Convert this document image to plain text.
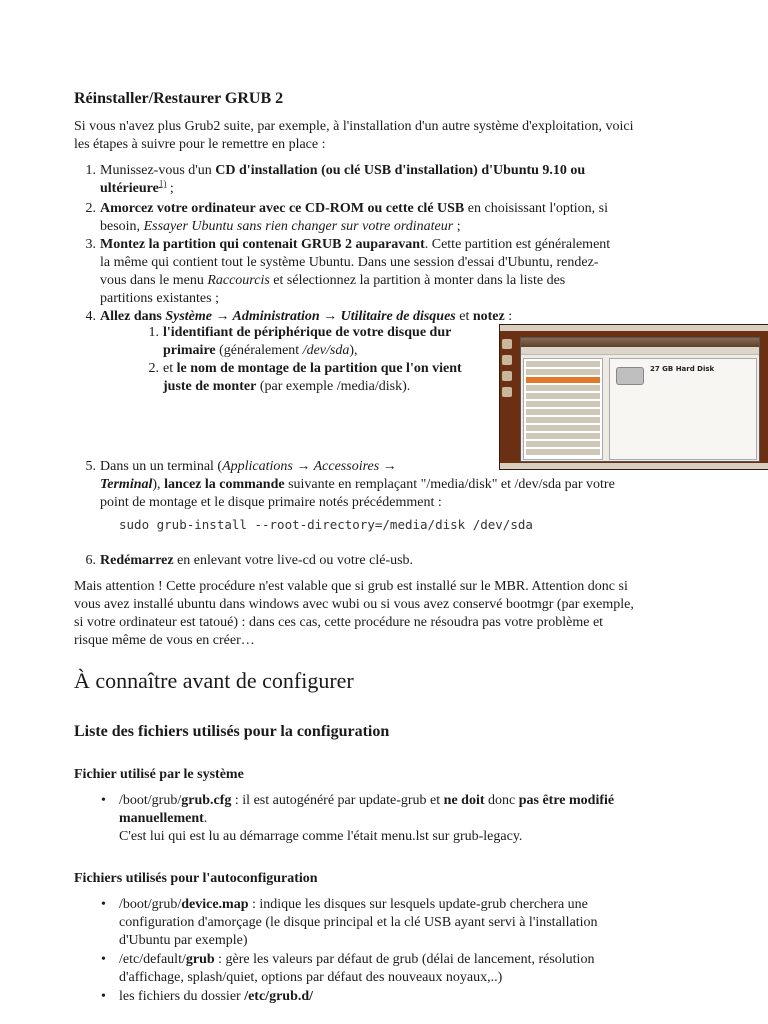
Réinstaller/Restaurer GRUB 2

Si vous n'avez plus Grub2 suite, par exemple, à l'installation d'un autre système d'exploitation, voici
les étapes à suivre pour le remettre en place :

1. Munissez-vous d'un CD d'installation (ou clé USB d'installation) d'Ubuntu 9.10 ou
ultérieure$^{1)}$ ;
2. Amorcez votre ordinateur avec ce CD-ROM ou cette clé USB en choisissant l'option, si
besoin, Essayer Ubuntu sans rien changer sur votre ordinateur ;
3. Montez la partition qui contenait GRUB 2 auparavant. Cette partition est généralement
la même qui contient tout le système Ubuntu. Dans une session d'essai d'Ubuntu, rendez-
vous dans le menu Raccourcis et sélectionnez la partition à monter dans la liste des
partitions existantes ;
4. Allez dans Système → Administration → Utilitaire de disques et notez :
5. Dans un un terminal (Applications → Accessoires →
Terminal), lancez la commande suivante en remplaçant "/media/disk" et /dev/sda par votre
point de montage et le disque primaire notés précédemment :
6. Redémarrez en enlevant votre live-cd ou votre clé-usb.
1. l'identifiant de périphérique de votre disque dur
primaire (généralement /dev/sda),
2. et le nom de montage de la partition que l'on vient
juste de monter (par exemple /media/disk).
sudo grub-install --root-directory=/media/disk /dev/sda

Mais attention ! Cette procédure n'est valable que si grub est installé sur le MBR. Attention donc si
vous avez installé ubuntu dans windows avec wubi ou si vous avez conservé bootmgr (par exemple,
si votre ordinateur est tatoué) : dans ces cas, cette procédure ne résoudra pas votre problème et
risque même de vous en créer…

À connaître avant de configurer
Liste des fichiers utilisés pour la configuration
Fichier utilisé par le système
• /boot/grub/grub.cfg : il est autogénéré par update-grub et ne doit donc pas être modifié
manuellement.
C'est lui qui est lu au démarrage comme l'était menu.lst sur grub-legacy.
Fichiers utilisés pour l'autoconfiguration
• /boot/grub/device.map : indique les disques sur lesquels update-grub cherchera une
configuration d'amorçage (le disque principal et la clé USB ayant servi à l'installation
d'Ubuntu par exemple)
• /etc/default/grub : gère les valeurs par défaut de grub (délai de lancement, résolution
d'affichage, splash/quiet, options par défaut des nouveaux noyaux,..)
• les fichiers du dossier /etc/grub.d/
27 GB Hard Disk
